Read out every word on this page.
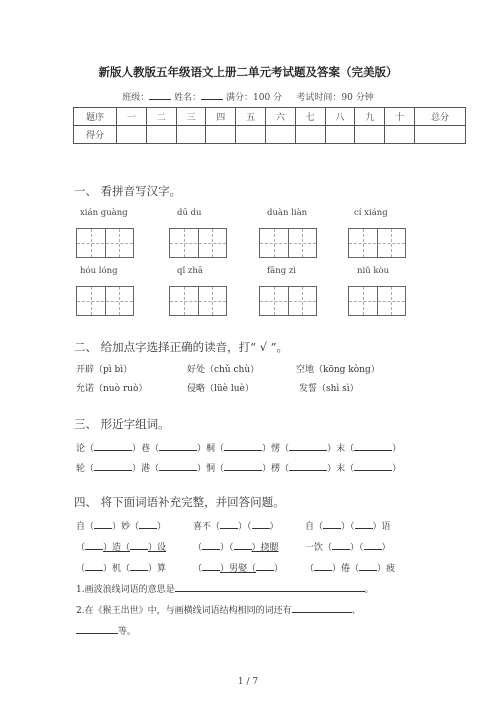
新版人教版五年级语文上册二单元考试题及答案（完美版）
班级：	姓名：	满分：100 分 考试时间：90 分钟
题序	一	二	三	四	五	六	七	八	九	十	总分
得分											
一、 看拼音写汉字。
xián guàng	dū du	duàn liàn	cí xiáng
hóu lóng	qǐ zhā	fāng zì	niǔ kòu
二、 给加点字选择正确的读音，打“ √ ”。
开辟（pì bì）	好处（chǔ chù）	空地（kōng kòng）
允诺（nuò ruò）	侵略（lüè luè）	发誓（shì sì）
三、 形近字组词。
论（	）巷（	）桐（	）愣（	）末（	）
轮（	）港（	）恫（	）楞（	）末（	）
四、 将下面词语补充完整，并回答问题。
自（ ）妙（ ）	喜不（ ）（ ）	自（ ）（ ）语
（ ）造（ ）设	（ ）（ ）挠腮	一饮（ ）（ ）
（ ）机（ ）算	（ ）男娶（ ） （ ）倦（ ）疲
1.画波浪线词语的意思是	。
2.在《猴王出世》中，与画横线词语结构相同的词还有	、
等。
1 / 7
